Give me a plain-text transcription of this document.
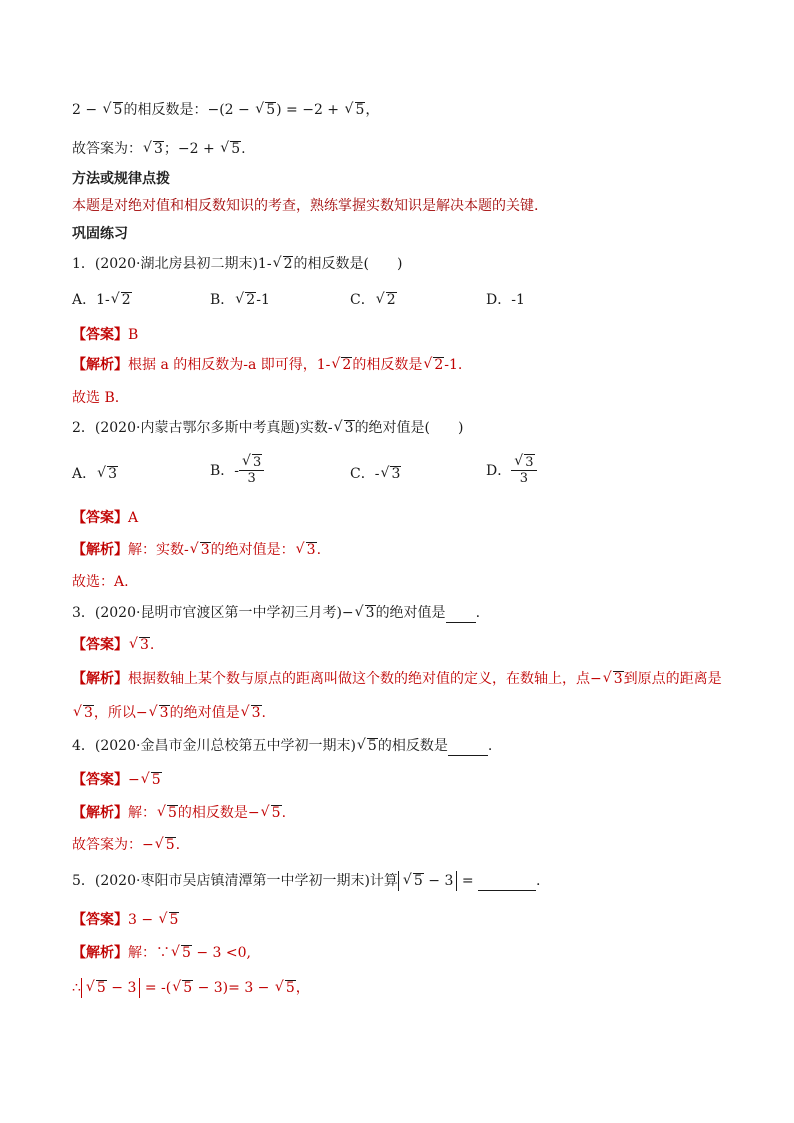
2 − √ 5的相反数是：−(2 − √ 5) = −2 + √ 5，
故答案为： √ 3；−2 + √ 5.
方法或规律点拨
本题是对绝对值和相反数知识的考查，熟练掌握实数知识是解决本题的关键.
巩固练习
1．(2020·湖北房县初二期末)1- √ 2的相反数是(　　)
A．1- √ 2	B． √ 2-1	C． √ 2	D．-1
【答案】B
【解析】根据 a 的相反数为-a 即可得，1- √ 2的相反数是 √ 2-1.
故选 B.
2．(2020·内蒙古鄂尔多斯中考真题)实数- √ 3的绝对值是(　　)
A． √ 3	B．- √ $\frac{3}{3}$	C．- √ 3	D． √ $\frac{3}{3}$
【答案】A
【解析】解：实数- √ 3的绝对值是： √ 3.
故选：A.
3．(2020·昆明市官渡区第一中学初三月考)− √ 3的绝对值是 .
【答案】 √ 3.
【解析】根据数轴上某个数与原点的距离叫做这个数的绝对值的定义，在数轴上，点− √ 3到原点的距离是
√ 3，所以− √ 3的绝对值是 √ 3.
4．(2020·金昌市金川总校第五中学初一期末) √ 5的相反数是	.
【答案】− √ 5
【解析】解： √ 5的相反数是− √ 5.
故答案为：− √ 5.
5．(2020·枣阳市吴店镇清潭第一中学初一期末)计算 √ 5 − 3 =	.
【答案】3 − √ 5
【解析】解：∵ √ 5 − 3 <0,
∴ √ 5 − 3 = -( √ 5 − 3)= 3 − √ 5，
